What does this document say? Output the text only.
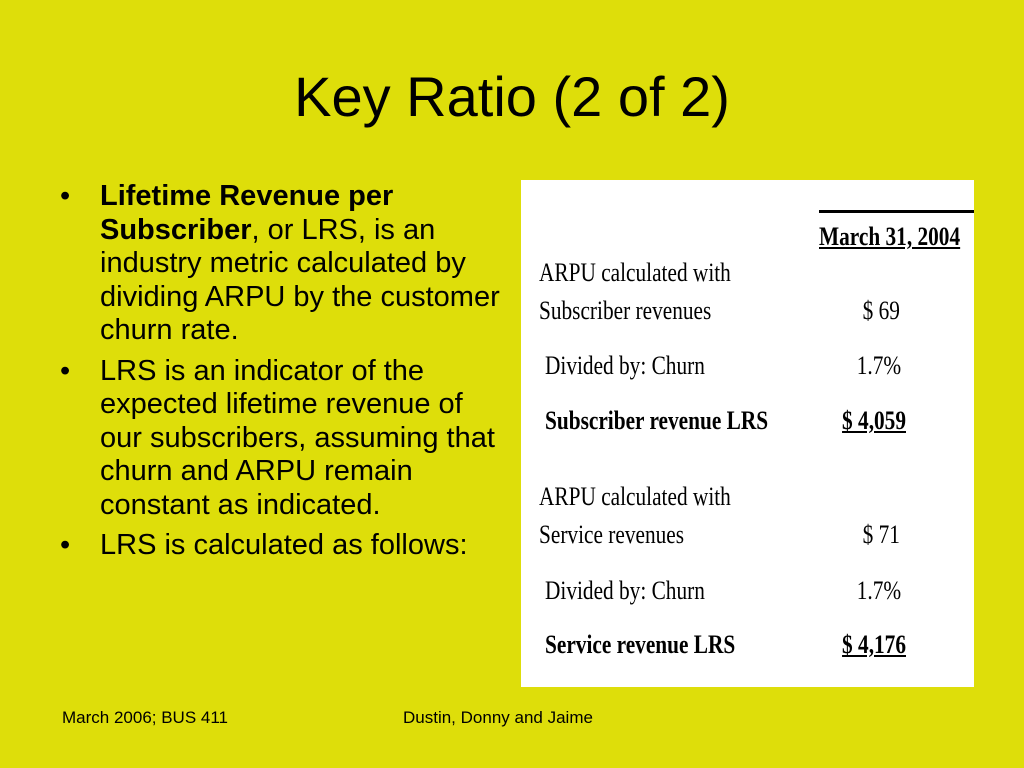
Key Ratio (2 of 2)
• Lifetime Revenue per Subscriber, or LRS, is an industry metric calculated by dividing ARPU by the customer churn rate.
• LRS is an indicator of the expected lifetime revenue of our subscribers, assuming that churn and ARPU remain constant as indicated.
• LRS is calculated as follows:
March 31, 2004
ARPU calculated with
Subscriber revenues	$ 69
Divided by: Churn	1.7%
Subscriber revenue LRS	$ 4,059
ARPU calculated with
Service revenues	$ 71
Divided by: Churn	1.7%
Service revenue LRS	$ 4,176
March 2006; BUS 411	Dustin, Donny and Jaime
